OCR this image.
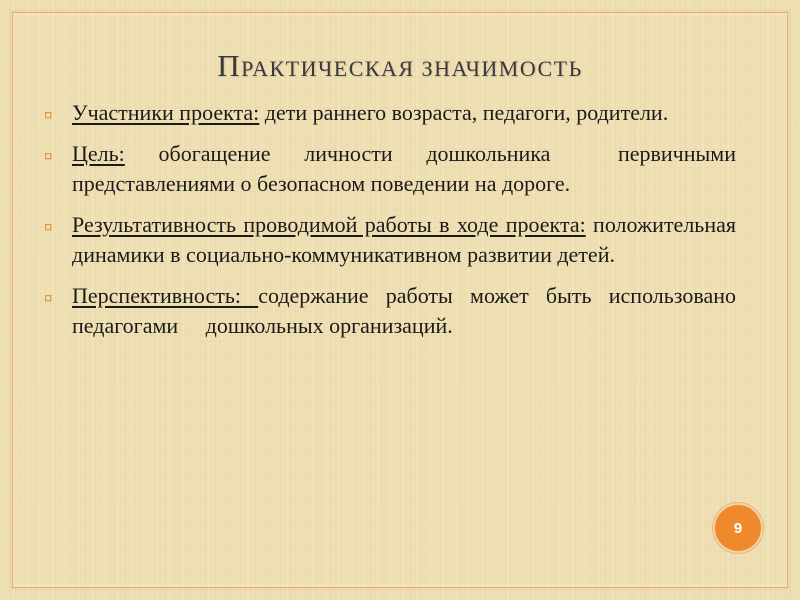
ПРАКТИЧЕСКАЯ ЗНАЧИМОСТЬ
¤ Участники проекта: дети раннего возраста, педагоги, родители.
¤ Цель: обогащение личности дошкольника  первичными представлениями о безопасном поведении на дороге.
¤ Результативность проводимой работы в ходе проекта: положительная динамики в социально-коммуникативном развитии детей.
¤ Перспективность: содержание работы может быть использовано педагогами     дошкольных организаций.
9
